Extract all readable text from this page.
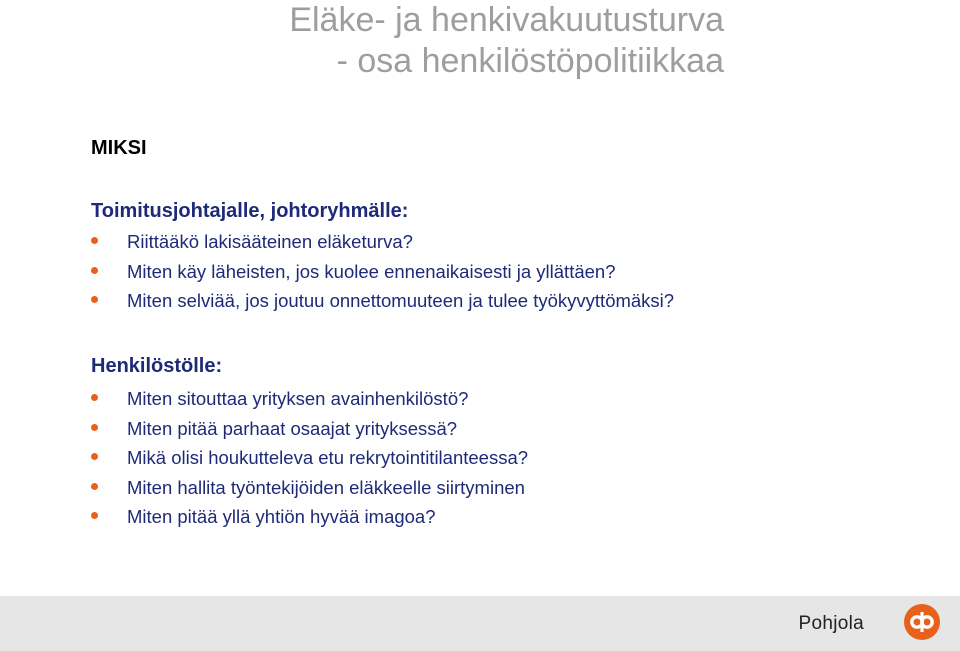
Eläke- ja henkivakuutusturva
- osa henkilöstöpolitiikkaa
MIKSI
Toimitusjohtajalle, johtoryhmälle:
Riittääkö lakisääteinen eläketurva?
Miten käy läheisten, jos kuolee ennenaikaisesti ja yllättäen?
Miten selviää, jos joutuu onnettomuuteen ja tulee työkyvyttömäksi?
Henkilöstölle:
Miten sitouttaa yrityksen avainhenkilöstö?
Miten pitää parhaat osaajat yrityksessä?
Mikä olisi houkutteleva etu rekrytointitilanteessa?
Miten hallita työntekijöiden eläkkeelle siirtyminen
Miten pitää yllä yhtiön hyvää imagoa?
Pohjola
